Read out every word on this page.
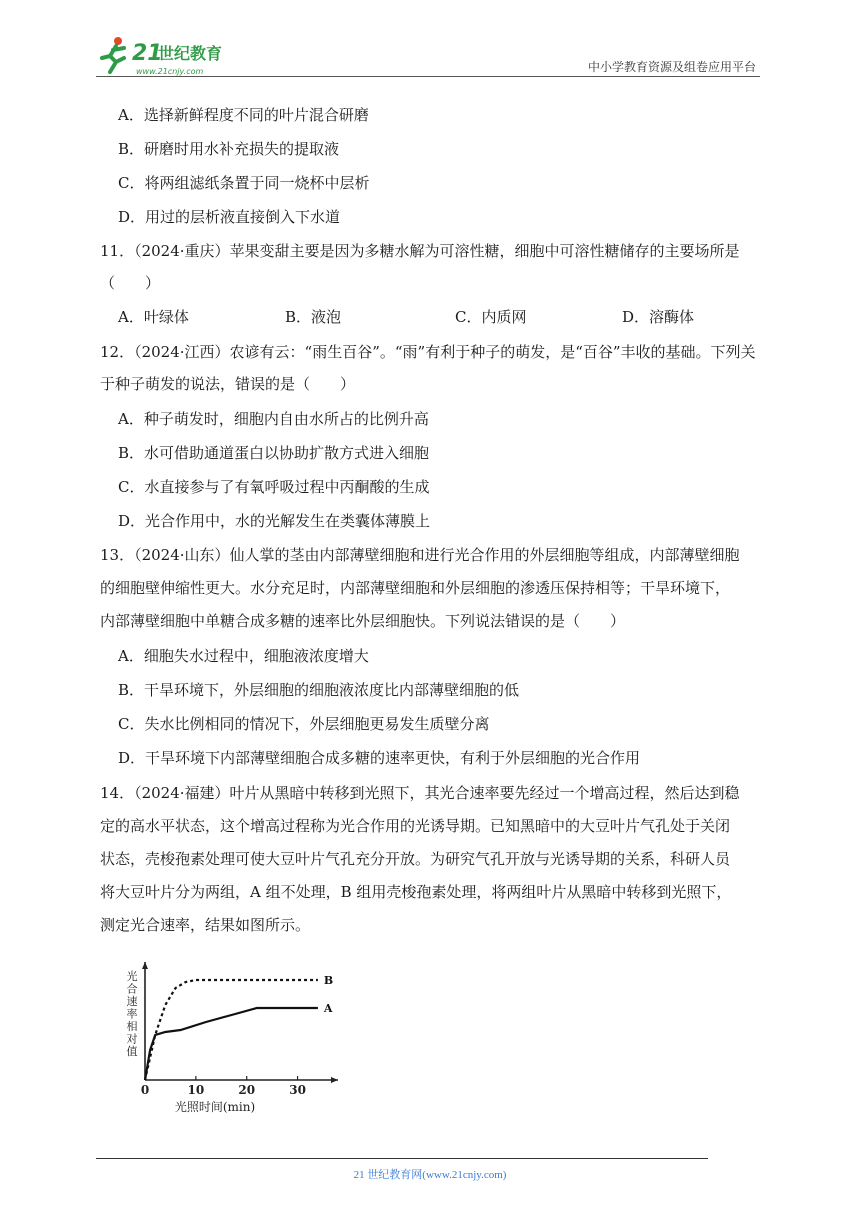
21
世纪教育
www.21cnjy.com	中小学教育资源及组卷应用平台
A．选择新鲜程度不同的叶片混合研磨
B．研磨时用水补充损失的提取液
C．将两组滤纸条置于同一烧杯中层析
D．用过的层析液直接倒入下水道
11．（2024·重庆）苹果变甜主要是因为多糖水解为可溶性糖，细胞中可溶性糖储存的主要场所是
（　　）
A．叶绿体	B．液泡	C．内质网	D．溶酶体
12．（2024·江西）农谚有云：“雨生百谷”。“雨”有利于种子的萌发，是“百谷”丰收的基础。下列关
于种子萌发的说法，错误的是（　　）
A．种子萌发时，细胞内自由水所占的比例升高
B．水可借助通道蛋白以协助扩散方式进入细胞
C．水直接参与了有氧呼吸过程中丙酮酸的生成
D．光合作用中，水的光解发生在类囊体薄膜上
13．（2024·山东）仙人掌的茎由内部薄壁细胞和进行光合作用的外层细胞等组成，内部薄壁细胞
的细胞壁伸缩性更大。水分充足时，内部薄壁细胞和外层细胞的渗透压保持相等；干旱环境下，
内部薄壁细胞中单糖合成多糖的速率比外层细胞快。下列说法错误的是（　　）
A．细胞失水过程中，细胞液浓度增大
B．干旱环境下，外层细胞的细胞液浓度比内部薄壁细胞的低
C．失水比例相同的情况下，外层细胞更易发生质壁分离
D．干旱环境下内部薄壁细胞合成多糖的速率更快，有利于外层细胞的光合作用
14．（2024·福建）叶片从黑暗中转移到光照下，其光合速率要先经过一个增高过程，然后达到稳
定的高水平状态，这个增高过程称为光合作用的光诱导期。已知黑暗中的大豆叶片气孔处于关闭
状态，壳梭孢素处理可使大豆叶片气孔充分开放。为研究气孔开放与光诱导期的关系，科研人员
将大豆叶片分为两组，A 组不处理，B 组用壳梭孢素处理，将两组叶片从黑暗中转移到光照下，
测定光合速率，结果如图所示。
0	10	20	30
光照时间(min)
光
合
速
率
相
对
值
B
A
21 世纪教育网(www.21cnjy.com)
